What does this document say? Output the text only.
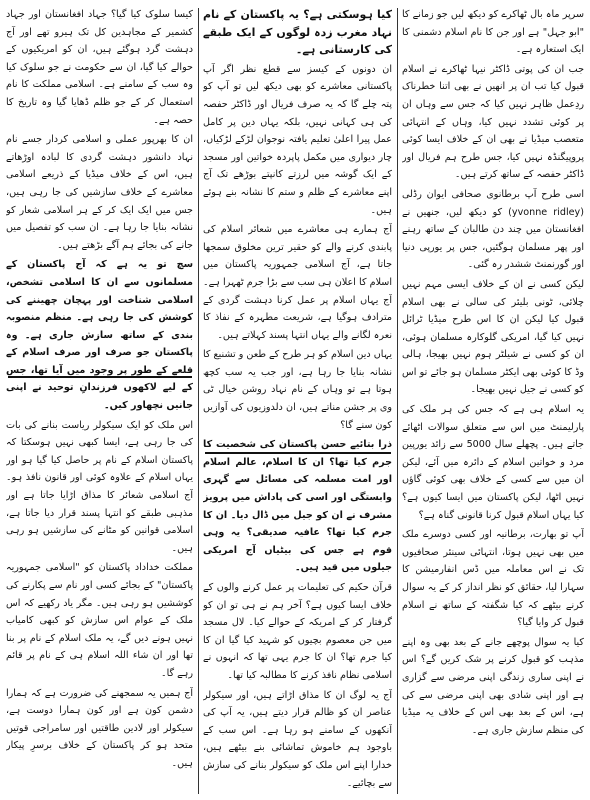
سرپر ماہ بال ٹھاکرے کو دیکھ لیں جو زمانے کا "ابو جہل" ہے اور جن کا نام اسلام دشمنی کا ایک استعارہ ہے۔

جب ان کی پوتی ڈاکٹر نیہا ٹھاکرے نے اسلام قبول کیا تب ان پر انھیں نے بھی اتنا خطرناک ردِعمل ظاہر نہیں کیا کہ جس سے وہاں ان پر کوئی تشدد نہیں کیا، وہاں کے انتہائی متعصب میڈیا نے بھی ان کے خلاف ایسا کوئی پروپیگنڈہ نہیں کیا، جس طرح ہم فریال اور ڈاکٹر حفصہ کے ساتھ کرتے ہیں۔

اسی طرح آپ برطانوی صحافی ایوان رڈلی (yvonne ridley) کو دیکھ لیں، جنھیں نے افغانستان میں چند دن طالبان کے ساتھ رہنے اور پھر مسلمان ہوگئیں، جس پر یورپی دنیا اور گورنمنٹ ششدر رہ گئی۔

لیکن کسی نے ان کے خلاف ایسی مہم نہیں چلائی، ٹونی بلیئر کی سالی نے بھی اسلام قبول کیا لیکن ان کا اس طرح میڈیا ٹرائل نہیں کیا گیا، امریکی گلوکارہ مسلمان ہوئی، ان کو کسی نے شیلٹر ہوم نہیں بھیجا، ہالی وڈ کا کوئی بھی ایکٹر مسلمان ہو جائے تو اس کو کسی نے جیل نہیں بھیجا۔

یہ اسلام ہی ہے کہ جس کی ہر ملک کی پارلیمنٹ میں اس سے متعلق سوالات اٹھائے جاتے ہیں۔ پچھلے سال 5000 سے زائد یورپین مرد و خواتین اسلام کے دائرہ میں آئے، لیکن ان میں سے کسی کے خلاف بھی کوئی گاؤں نہیں اٹھا، لیکن پاکستان میں ایسا کیوں ہے؟ کیا یہاں اسلام قبول کرنا قانونی گناہ ہے؟

آپ تو بھارت، برطانیہ اور کسی دوسرے ملک میں بھی نہیں ہوتا، انتہائی سینئر صحافیوں تک نے اس معاملہ میں ڈس انفارمیشن کا سہارا لیا، حقائق کو نظر انداز کر کے یہ سوال کرنے بیٹھے کہ کیا شگفتہ کے ساتھ نے اسلام قبول کر وایا گیا؟

کیا یہ سوال پوچھے جانے کے بعد بھی وہ اپنے مذہب کو قبول کرنے پر شک کریں گے؟ اس نے اپنی ساری زندگی اپنی مرضی سے گزاری ہے اور اپنی شادی بھی اپنی مرضی سے کی ہے، اس کے بعد بھی اس کے خلاف یہ میڈیا کی منظم سازش جاری ہے۔

کیا ہوسکتی ہے؟ یہ پاکستان کے نام نہاد مغرب زدہ لوگوں کے ایک طبقے کی کارستانی ہے۔

ان دونوں کے کیسز سے قطع نظر اگر آپ پاکستانی معاشرے کو بھی دیکھ لیں تو آپ کو پتہ چلے گا کہ یہ صرف فریال اور ڈاکٹر حفصہ کی ہی کہانی نہیں، بلکہ یہاں دین پر کامل عمل پیرا اعلیٰ تعلیم یافتہ نوجوان لڑکے لڑکیاں، چار دیواری میں مکمل پاپردہ خواتین اور مسجد کے ایک گوشہ میں لرزتے کانپتے بوڑھے تک آج اپنے معاشرے کے ظلم و ستم کا نشانہ بنے ہوئے ہیں۔

آج ہمارے ہی معاشرے میں شعائر اسلام کی پابندی کرنے والے کو حقیر ترین مخلوق سمجھا جاتا ہے، آج اسلامی جمہوریہ پاکستان میں اسلام کا اعلان ہی سب سے بڑا جرم ٹھہرا ہے۔ آج یہاں اسلام پر عمل کرنا دہشت گردی کے مترادف ہوگیا ہے، شریعت مطہرہ کے نفاذ کا نعرہ لگانے والے یہاں انتہا پسند کہلاتے ہیں۔

یہاں دین اسلام کو ہر طرح کے طعن و تشنیع کا نشانہ بنایا جا رہا ہے، اور جب یہ سب کچھ ہوتا ہے تو وہاں کے نام نہاد روشن خیال ٹی وی پر جشن مناتے ہیں، ان دلدوزیوں کی آوازیں کون سنے گا؟

ذرا بتائیے حسن پاکستان کی شخصیت کا جرم کیا تھا؟ ان کا اسلام، عالم اسلام اور امت مسلمہ کی مسائل سے گہری وابستگی اور اسی کی پاداش میں پرویز مشرف نے ان کو جیل میں ڈال دیا۔ ان کا جرم کیا تھا؟ عافیہ صدیقی؟ یہ وہی قوم ہے جس کی بیٹیاں آج امریکی جیلوں میں قید ہیں۔

قرآن حکیم کی تعلیمات پر عمل کرنے والوں کے خلاف ایسا کیوں ہے؟ آخر ہم نے ہی تو ان کو گرفتار کر کے امریکہ کے حوالے کیا۔ لال مسجد میں جن معصوم بچیوں کو شہید کیا گیا ان کا کیا جرم تھا؟ ان کا جرم یہی تھا کہ انہوں نے اسلامی نظام نافذ کرنے کا مطالبہ کیا تھا۔

آج یہ لوگ ان کا مذاق اڑاتے ہیں، اور سیکولر عناصر ان کو ظالم قرار دیتے ہیں، یہ آپ کی آنکھوں کے سامنے ہو رہا ہے۔ اس سب کے باوجود ہم خاموش تماشائی بنے بیٹھے ہیں، خدارا اپنے اس ملک کو سیکولر بنانے کی سازش سے بچائیے۔

کیسا سلوک کیا گیا؟ جہاد افغانستان اور جہاد کشمیر کے مجاہدین کل تک ہیرو تھے اور آج دہشت گرد ہوگئے ہیں، ان کو امریکیوں کے حوالے کیا گیا، ان سے حکومت نے جو سلوک کیا وہ سب کے سامنے ہے۔ اسلامی مملکت کا نام استعمال کر کے جو ظلم ڈھایا گیا وہ تاریخ کا حصہ ہے۔

ان کا بھرپور عملی و اسلامی کردار جسے نام نہاد دانشور دہشت گردی کا لبادہ اوڑھاتے ہیں، اس کے خلاف میڈیا کے ذریعے اسلامی معاشرے کے خلاف سازشیں کی جا رہی ہیں، جس میں ایک ایک کر کے ہر اسلامی شعار کو نشانہ بنایا جا رہا ہے۔ ان سب کو تفصیل میں جانے کی بجائے ہم آگے بڑھتے ہیں۔

سچ تو یہ ہے کہ آج پاکستان کے مسلمانوں سے ان کا اسلامی تشخص، اسلامی شناخت اور پہچان چھیننے کی کوشش کی جا رہی ہے۔ منظم منصوبہ بندی کے ساتھ سازش جاری ہے۔ وہ پاکستان جو صرف اور صرف اسلام کے قلعے کے طور پر وجود میں آیا تھا، جس کے لیے لاکھوں فرزندانِ توحید نے اپنی جانیں نچھاور کیں۔

اس ملک کو ایک سیکولر ریاست بنانے کی بات کی جا رہی ہے، ایسا کبھی نہیں ہوسکتا کہ پاکستان اسلام کے نام پر حاصل کیا گیا ہو اور یہاں اسلام کے علاوہ کوئی اور قانون نافذ ہو۔ آج اسلامی شعائر کا مذاق اڑایا جاتا ہے اور مذہبی طبقے کو انتہا پسند قرار دیا جاتا ہے، اسلامی قوانین کو مٹانے کی سازشیں ہو رہی ہیں۔

مملکت خداداد پاکستان کو "اسلامی جمہوریہ پاکستان" کے بجائے کسی اور نام سے پکارنے کی کوششیں ہو رہی ہیں۔ مگر یاد رکھیے کہ اس ملک کے عوام اس سازش کو کبھی کامیاب نہیں ہونے دیں گے، یہ ملک اسلام کے نام پر بنا تھا اور ان شاء اللہ اسلام ہی کے نام پر قائم رہے گا۔

آج ہمیں یہ سمجھنے کی ضرورت ہے کہ ہمارا دشمن کون ہے اور کون ہمارا دوست ہے، سیکولر اور لادین طاقتیں اور سامراجی قوتیں متحد ہو کر پاکستان کے خلاف برسرِ پیکار ہیں۔
